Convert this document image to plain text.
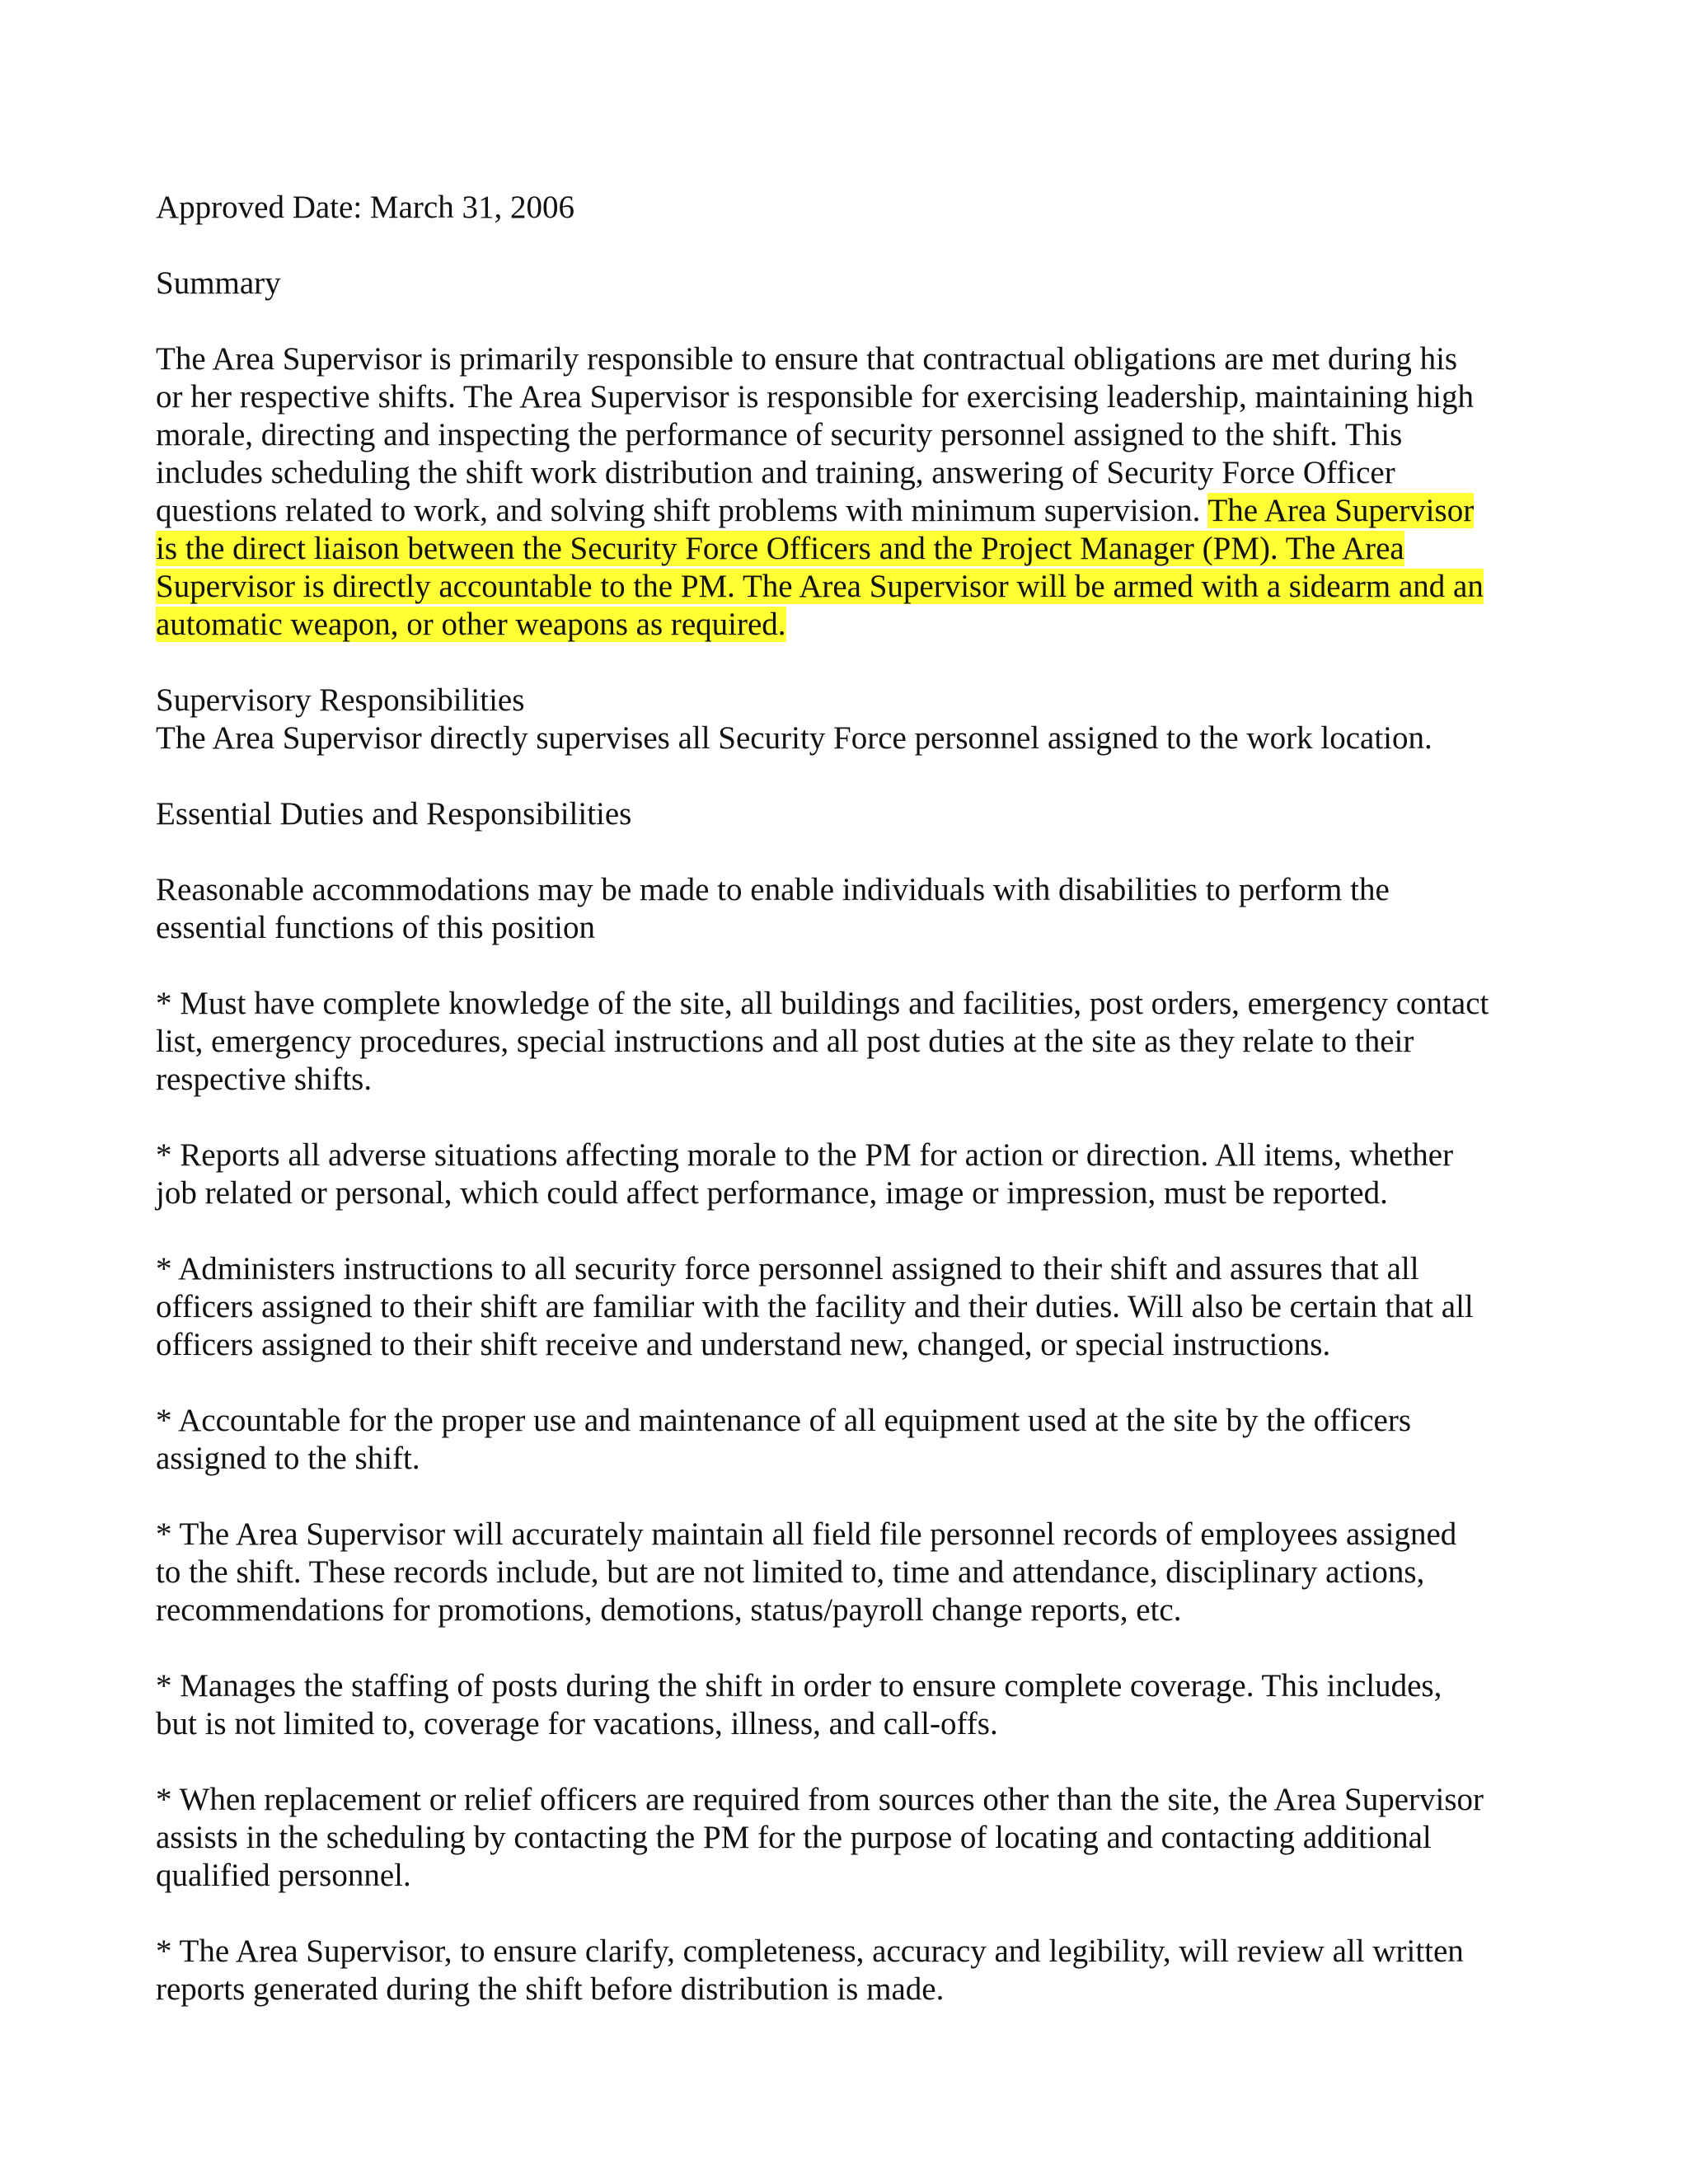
Approved Date: March 31, 2006

Summary

The Area Supervisor is primarily responsible to ensure that contractual obligations are met during his
or her respective shifts. The Area Supervisor is responsible for exercising leadership, maintaining high
morale, directing and inspecting the performance of security personnel assigned to the shift. This
includes scheduling the shift work distribution and training, answering of Security Force Officer
questions related to work, and solving shift problems with minimum supervision. The Area Supervisor
is the direct liaison between the Security Force Officers and the Project Manager (PM). The Area
Supervisor is directly accountable to the PM. The Area Supervisor will be armed with a sidearm and an
automatic weapon, or other weapons as required.

Supervisory Responsibilities

The Area Supervisor directly supervises all Security Force personnel assigned to the work location.

Essential Duties and Responsibilities

Reasonable accommodations may be made to enable individuals with disabilities to perform the
essential functions of this position

* Must have complete knowledge of the site, all buildings and facilities, post orders, emergency contact
list, emergency procedures, special instructions and all post duties at the site as they relate to their
respective shifts.

* Reports all adverse situations affecting morale to the PM for action or direction. All items, whether
job related or personal, which could affect performance, image or impression, must be reported.

* Administers instructions to all security force personnel assigned to their shift and assures that all
officers assigned to their shift are familiar with the facility and their duties. Will also be certain that all
officers assigned to their shift receive and understand new, changed, or special instructions.

* Accountable for the proper use and maintenance of all equipment used at the site by the officers
assigned to the shift.

* The Area Supervisor will accurately maintain all field file personnel records of employees assigned
to the shift. These records include, but are not limited to, time and attendance, disciplinary actions,
recommendations for promotions, demotions, status/payroll change reports, etc.

* Manages the staffing of posts during the shift in order to ensure complete coverage. This includes,
but is not limited to, coverage for vacations, illness, and call-offs.

* When replacement or relief officers are required from sources other than the site, the Area Supervisor
assists in the scheduling by contacting the PM for the purpose of locating and contacting additional
qualified personnel.

* The Area Supervisor, to ensure clarify, completeness, accuracy and legibility, will review all written
reports generated during the shift before distribution is made.
